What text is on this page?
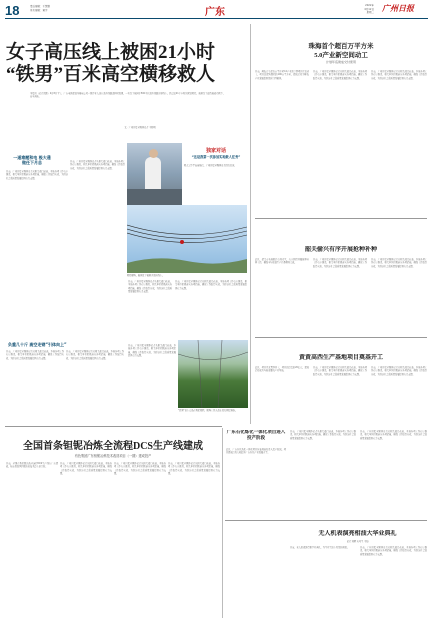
18	责任编辑：王慧勤
美术编辑：黄宇	广东
2022年
4月12日
星期二 广州日报
女子高压线上被困21小时
“铁男”百米高空横移救人
本报讯（记者张鹏）4月8日下午，广东电网超高压输电公司一组作业人员在高压线路巡检时发现，一名女子被困于500千伏高压线路的导线上。经过近21个小时的紧急救援，被困女子最终被成功救下，安全落地。
文／广州日报全媒体记者 王晓明
一道难题和电 极大通做任下月总
日前，广州日报全媒体记者从相关部门获悉，本地各项工作有序推进，相关单位积极落实各项措施，确保工作取得实效，为经济社会高质量发展提供有力支撑。
日前，广州日报全媒体记者从相关部门获悉，本地各项工作有序推进，相关单位积极落实各项措施，确保工作取得实效，为经济社会高质量发展提供有力支撑。
救援现场，被困女子被困于高压线上。
独家对话
“这是我第一次参加实地救人任务”
救人完毕平安落地后，广州日报全媒体记者进行采访。
日前，广州日报全媒体记者从相关部门获悉，本地各项工作有序推进，相关单位积极落实各项措施，确保工作取得实效，为经济社会高质量发展提供有力支撑。
日前，广州日报全媒体记者从相关部门获悉，本地各项工作有序推进，相关单位积极落实各项措施，确保工作取得实效，为经济社会高质量发展提供有力支撑。
负重几十斤 高空走钢“引体向上”
日前，广州日报全媒体记者从相关部门获悉，本地各项工作有序推进，相关单位积极落实各项措施，确保工作取得实效，为经济社会高质量发展提供有力支撑。
日前，广州日报全媒体记者从相关部门获悉，本地各项工作有序推进，相关单位积极落实各项措施，确保工作取得实效，为经济社会高质量发展提供有力支撑。
日前，广州日报全媒体记者从相关部门获悉，本地各项工作有序推进，相关单位积极落实各项措施，确保工作取得实效，为经济社会高质量发展提供有力支撑。
“铁男”以上人员在救援期间，现场工作人员在进行救援准备。
珠海首个超百万平方米
5.0产业新空间动工
计划年底建成交付使用
日前，珠海首个超百万平方米5.0产业新空间项目正式动工，项目总建筑面积约106万平方米，建成后将为珠海产业发展提供优质空间载体。
日前，广州日报全媒体记者从相关部门获悉，本地各项工作有序推进，相关单位积极落实各项措施，确保工作取得实效，为经济社会高质量发展提供有力支撑。
日前，广州日报全媒体记者从相关部门获悉，本地各项工作有序推进，相关单位积极落实各项措施，确保工作取得实效，为经济社会高质量发展提供有力支撑。
韶关偷兴有序开展抢种补种
近日，韶关市各地抓住有利天气，有序组织开展抢种补种工作，确保全年粮食生产任务顺利完成。
日前，广州日报全媒体记者从相关部门获悉，本地各项工作有序推进，相关单位积极落实各项措施，确保工作取得实效，为经济社会高质量发展提供有力支撑。
日前，广州日报全媒体记者从相关部门获悉，本地各项工作有序推进，相关单位积极落实各项措施，确保工作取得实效，为经济社会高质量发展提供有力支撑。
黄黄高西生产基地项目奠基开工
近日，项目正式奠基开工，项目总投资约20亿元，建成后将成为当地重要的产业基地。
日前，广州日报全媒体记者从相关部门获悉，本地各项工作有序推进，相关单位积极落实各项措施，确保工作取得实效，为经济社会高质量发展提供有力支撑。
日前，广州日报全媒体记者从相关部门获悉，本地各项工作有序推进，相关单位积极落实各项措施，确保工作取得实效，为经济社会高质量发展提供有力支撑。
无人机表演亮相油大华业典礼
记者 刘辉 实习生 王梅
日前，无人机表演亮相毕业典礼，为毕业生送上特别的祝福。	日前，广州日报全媒体记者从相关部门获悉，本地各项工作有序推进，相关单位积极落实各项措施，确保工作取得实效，为经济社会高质量发展提供有力支撑。
全国首条钽铌冶炼全流程DCS生产线建成
有色集团广东钽铌冶炼技术改造项目（一期）建成投产
日前，全国首条钽铌冶炼全流程DCS生产线在广东建成，标志着我国钽铌冶炼技术迈上新台阶。
日前，广州日报全媒体记者从相关部门获悉，本地各项工作有序推进，相关单位积极落实各项措施，确保工作取得实效，为经济社会高质量发展提供有力支撑。
日前，广州日报全媒体记者从相关部门获悉，本地各项工作有序推进，相关单位积极落实各项措施，确保工作取得实效，为经济社会高质量发展提供有力支撑。
日前，广州日报全媒体记者从相关部门获悉，本地各项工作有序推进，相关单位积极落实各项措施，确保工作取得实效，为经济社会高质量发展提供有力支撑。
广东石化炼化一体化项目进入投产阶段
近日，广东石化炼化一体化项目各装置陆续进入投产阶段，项目建成后将大幅提升广东石化产业发展水平。
日前，广州日报全媒体记者从相关部门获悉，本地各项工作有序推进，相关单位积极落实各项措施，确保工作取得实效，为经济社会高质量发展提供有力支撑。
日前，广州日报全媒体记者从相关部门获悉，本地各项工作有序推进，相关单位积极落实各项措施，确保工作取得实效，为经济社会高质量发展提供有力支撑。
